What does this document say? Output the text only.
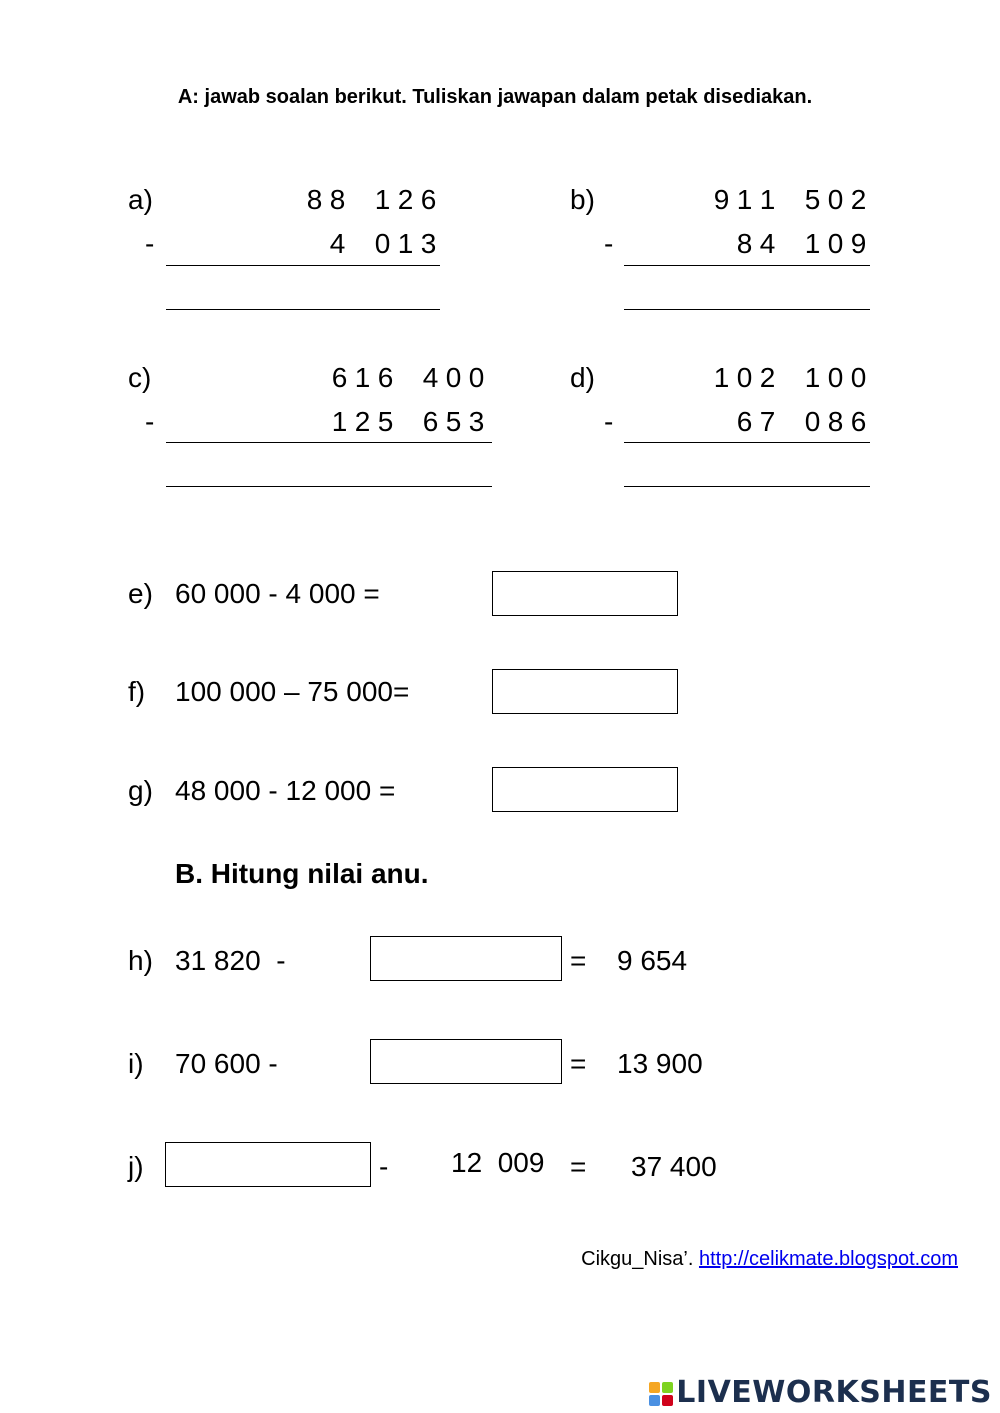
A: jawab soalan berikut. Tuliskan jawapan dalam petak disediakan.
a)	8 8 1 2 6
-	4 0 1 3
b)	9 1 1 5 0 2
-	8 4 1 0 9
c)	6 1 6 4 0 0
-	1 2 5 6 5 3
d)	1 0 2 1 0 0
-	6 7 0 8 6
e) 60 000 - 4 000 =
f) 100 000 – 75 000=
g) 48 000 - 12 000 =
B. Hitung nilai anu.
h) 31 820  -	= 9 654
i) 70 600 -	= 13 900
j)	- 12  009 = 37 400
Cikgu_Nisa’. http://celikmate.blogspot.com
LIVEWORKSHEETS
